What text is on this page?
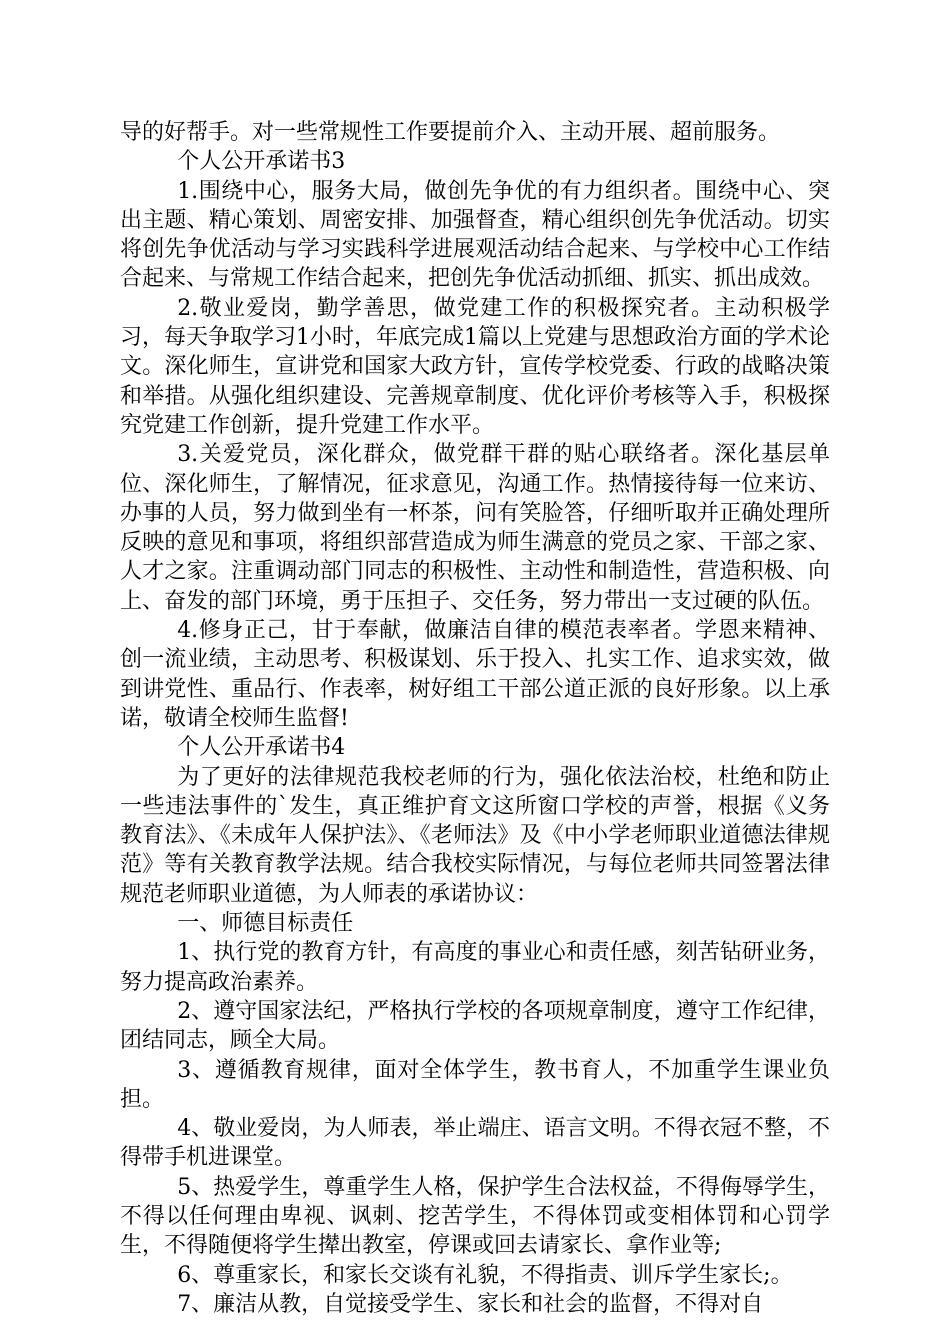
导的好帮手。对一些常规性工作要提前介入、主动开展、超前服务。

个人公开承诺书3

1.围绕中心，服务大局，做创先争优的有力组织者。围绕中心、突出主题、精心策划、周密安排、加强督查，精心组织创先争优活动。切实将创先争优活动与学习实践科学进展观活动结合起来、与学校中心工作结合起来、与常规工作结合起来，把创先争优活动抓细、抓实、抓出成效。

2.敬业爱岗，勤学善思，做党建工作的积极探究者。主动积极学习，每天争取学习1小时，年底完成1篇以上党建与思想政治方面的学术论文。深化师生，宣讲党和国家大政方针，宣传学校党委、行政的战略决策和举措。从强化组织建设、完善规章制度、优化评价考核等入手，积极探究党建工作创新，提升党建工作水平。

3.关爱党员，深化群众，做党群干群的贴心联络者。深化基层单位、深化师生，了解情况，征求意见，沟通工作。热情接待每一位来访、办事的人员，努力做到坐有一杯茶，问有笑脸答，仔细听取并正确处理所反映的意见和事项，将组织部营造成为师生满意的党员之家、干部之家、人才之家。注重调动部门同志的积极性、主动性和制造性，营造积极、向上、奋发的部门环境，勇于压担子、交任务，努力带出一支过硬的队伍。

4.修身正己，甘于奉献，做廉洁自律的模范表率者。学恩来精神、创一流业绩，主动思考、积极谋划、乐于投入、扎实工作、追求实效，做到讲党性、重品行、作表率，树好组工干部公道正派的良好形象。以上承诺，敬请全校师生监督!

个人公开承诺书4

为了更好的法律规范我校老师的行为，强化依法治校，杜绝和防止一些违法事件的`发生，真正维护育文这所窗口学校的声誉，根据《义务教育法》、《未成年人保护法》、《老师法》及《中小学老师职业道德法律规范》等有关教育教学法规。结合我校实际情况，与每位老师共同签署法律规范老师职业道德，为人师表的承诺协议：

一、师德目标责任

1、执行党的教育方针，有高度的事业心和责任感，刻苦钻研业务，努力提高政治素养。

2、遵守国家法纪，严格执行学校的各项规章制度，遵守工作纪律，团结同志，顾全大局。

3、遵循教育规律，面对全体学生，教书育人，不加重学生课业负担。

4、敬业爱岗，为人师表，举止端庄、语言文明。不得衣冠不整，不得带手机进课堂。

5、热爱学生，尊重学生人格，保护学生合法权益，不得侮辱学生，不得以任何理由卑视、讽刺、挖苦学生，不得体罚或变相体罚和心罚学生，不得随便将学生撵出教室，停课或回去请家长、拿作业等;

6、尊重家长，和家长交谈有礼貌，不得指责、训斥学生家长;。

7、廉洁从教，自觉接受学生、家长和社会的监督，不得对自
